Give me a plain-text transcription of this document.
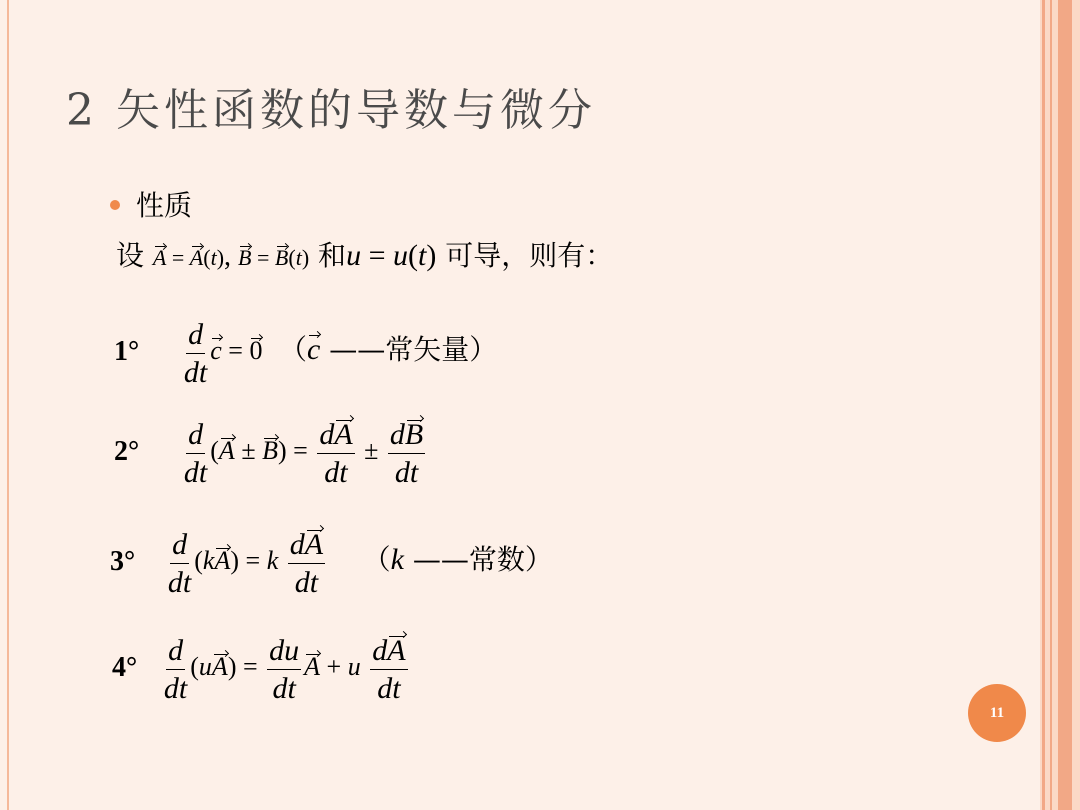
2 矢性函数的导数与微分
性质
设 A = A(t), B = B(t) 和u = u(t) 可导，则有：
$1^\circ \frac{d}{dt}$ c = 0 （c ——常矢量）
$2^\circ \frac{d}{dt} (A \pm B) = \frac{dA}{dt} \pm \frac{dB}{dt}$
$3^\circ \frac{d}{dt} (kA) = k \frac{dA}{dt} (k$ ——常数）
$4^\circ \frac{d}{dt} (uA) = \frac{du}{dt}$ A + u $\frac{dA}{dt}$
11
